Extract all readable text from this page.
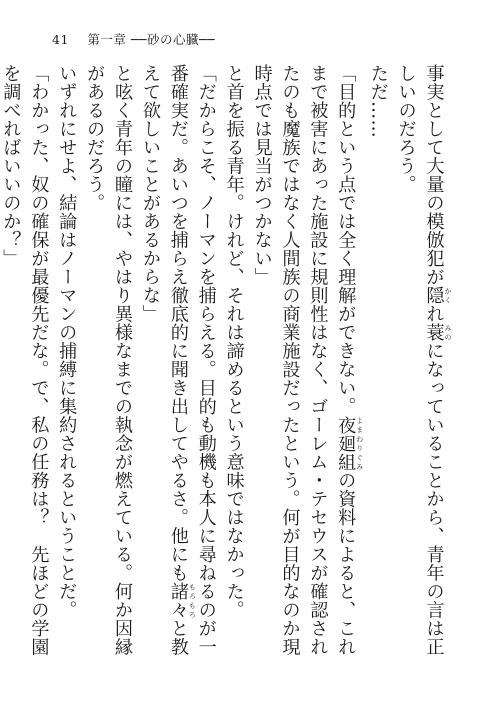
41 第一章 ──砂の心臓──

事実として大量の模倣犯が隠 かくれ蓑 みのになっていることから、青年の言は正しいのだろう。

ただ……

「目的という点では全く理解ができない。夜廻 よまわり組 ぐみの資料によると、これまで被害にあった施設に規則性はなく、ゴーレム・テセウスが確認されたのも魔族ではなく人間族の商業施設だったという。何が目的なのか現時点では見当がつかない」

と首を振る青年。けれど、それは諦めるという意味ではなかった。

「だからこそ、ノーマンを捕らえる。目的も動機も本人に尋ねるのが一番確実だ。あいつを捕らえ徹底的に聞き出してやるさ。他にも諸々 もろもろと教えて欲しいことがあるからな」

と呟く青年の瞳には、やはり異様なまでの執念が燃えている。何か因縁があるのだろう。

いずれにせよ、結論はノーマンの捕縛に集約されるということだ。

「わかった、奴の確保が最優先だな。で、私の任務は？　先ほどの学園を調べればいいのか？」
